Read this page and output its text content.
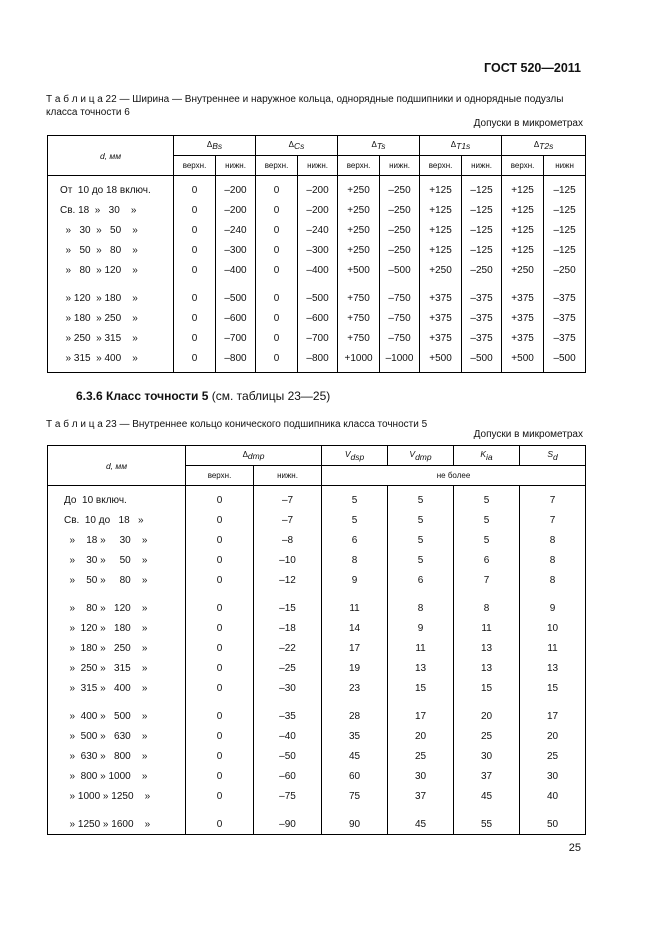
ГОСТ 520—2011
Т а б л и ц а 22 — Ширина — Внутреннее и наружное кольца, однорядные подшипники и однорядные подузлы класса точности 6
Допуски в микрометрах
d, мм	$\Delta_{Bs}$		$\Delta_{Cs}$		$\Delta_{Ts}$		$\Delta_{T1s}$		$\Delta_{T2s}$
	верхн.	нижн.	верхн.	нижн.	верхн.	нижн.	верхн.	нижн.	верхн.	нижн
От  10 до 18 включ.	0	–200	0	–200	+250	–250	+125	–125	+125	–125
Св. 18  »   30    »	0	–200	0	–200	+250	–250	+125	–125	+125	–125
»   30  »   50    »	0	–240	0	–240	+250	–250	+125	–125	+125	–125
»   50  »   80    »	0	–300	0	–300	+250	–250	+125	–125	+125	–125
»   80  » 120    »	0	–400	0	–400	+500	–500	+250	–250	+250	–250

» 120  » 180    »	0	–500	0	–500	+750	–750	+375	–375	+375	–375
» 180  » 250    »	0	–600	0	–600	+750	–750	+375	–375	+375	–375
» 250  » 315    »	0	–700	0	–700	+750	–750	+375	–375	+375	–375
» 315  » 400    »	0	–800	0	–800	+1000	–1000	+500	–500	+500	–500
6.3.6 Класс точности 5 (см. таблицы 23—25)
Т а б л и ц а 23 — Внутреннее кольцо конического подшипника класса точности 5
Допуски в микрометрах
d, мм	$\Delta_{dmp}$		$V_{dsp}$	$V_{dmp}$	$K_{ia}$	$S_d$
	верхн.	нижн.	не более			
До  10 включ.	0	–7	5	5	5	7
Св.  10 до   18   »	0	–7	5	5	5	7
»    18 »     30    »	0	–8	6	5	5	8
»    30 »     50    »	0	–10	8	5	6	8
»    50 »     80    »	0	–12	9	6	7	8

»    80 »   120    »	0	–15	11	8	8	9
»  120 »   180    »	0	–18	14	9	11	10
»  180 »   250    »	0	–22	17	11	13	11
»  250 »   315    »	0	–25	19	13	13	13
»  315 »   400    »	0	–30	23	15	15	15

»  400 »   500    »	0	–35	28	17	20	17
»  500 »   630    »	0	–40	35	20	25	20
»  630 »   800    »	0	–50	45	25	30	25
»  800 » 1000    »	0	–60	60	30	37	30
» 1000 » 1250    »	0	–75	75	37	45	40

» 1250 » 1600    »	0	–90	90	45	55	50
25
